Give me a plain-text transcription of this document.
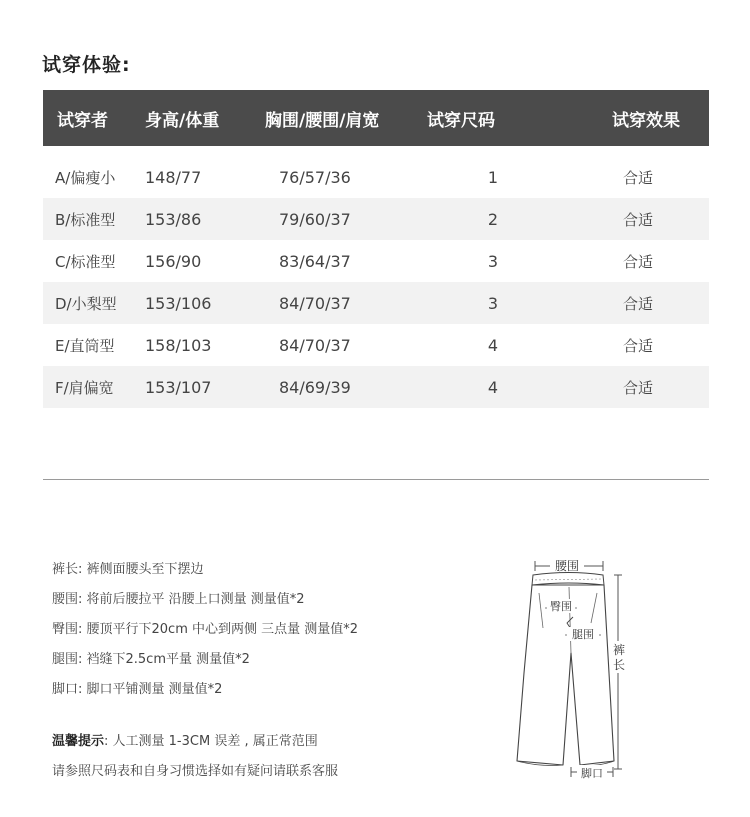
试穿体验:
试穿者	身高/体重	胸围/腰围/肩宽	试穿尺码	试穿效果
A/偏瘦小	148/77	76/57/36	1	合适
B/标准型	153/86	79/60/37	2	合适
C/标准型	156/90	83/64/37	3	合适
D/小梨型	153/106	84/70/37	3	合适
E/直筒型	158/103	84/70/37	4	合适
F/肩偏宽	153/107	84/69/39	4	合适
裤长: 裤侧面腰头至下摆边
腰围: 将前后腰拉平 沿腰上口测量 测量值*2
臀围: 腰顶平行下20cm 中心到两侧 三点量 测量值*2
腿围: 裆缝下2.5cm平量 测量值*2
脚口: 脚口平铺测量 测量值*2
温馨提示: 人工测量 1-3CM 误差 , 属正常范围
请参照尺码表和自身习惯选择如有疑问请联系客服
腰围
臀围
腿围
裤
长
脚口
